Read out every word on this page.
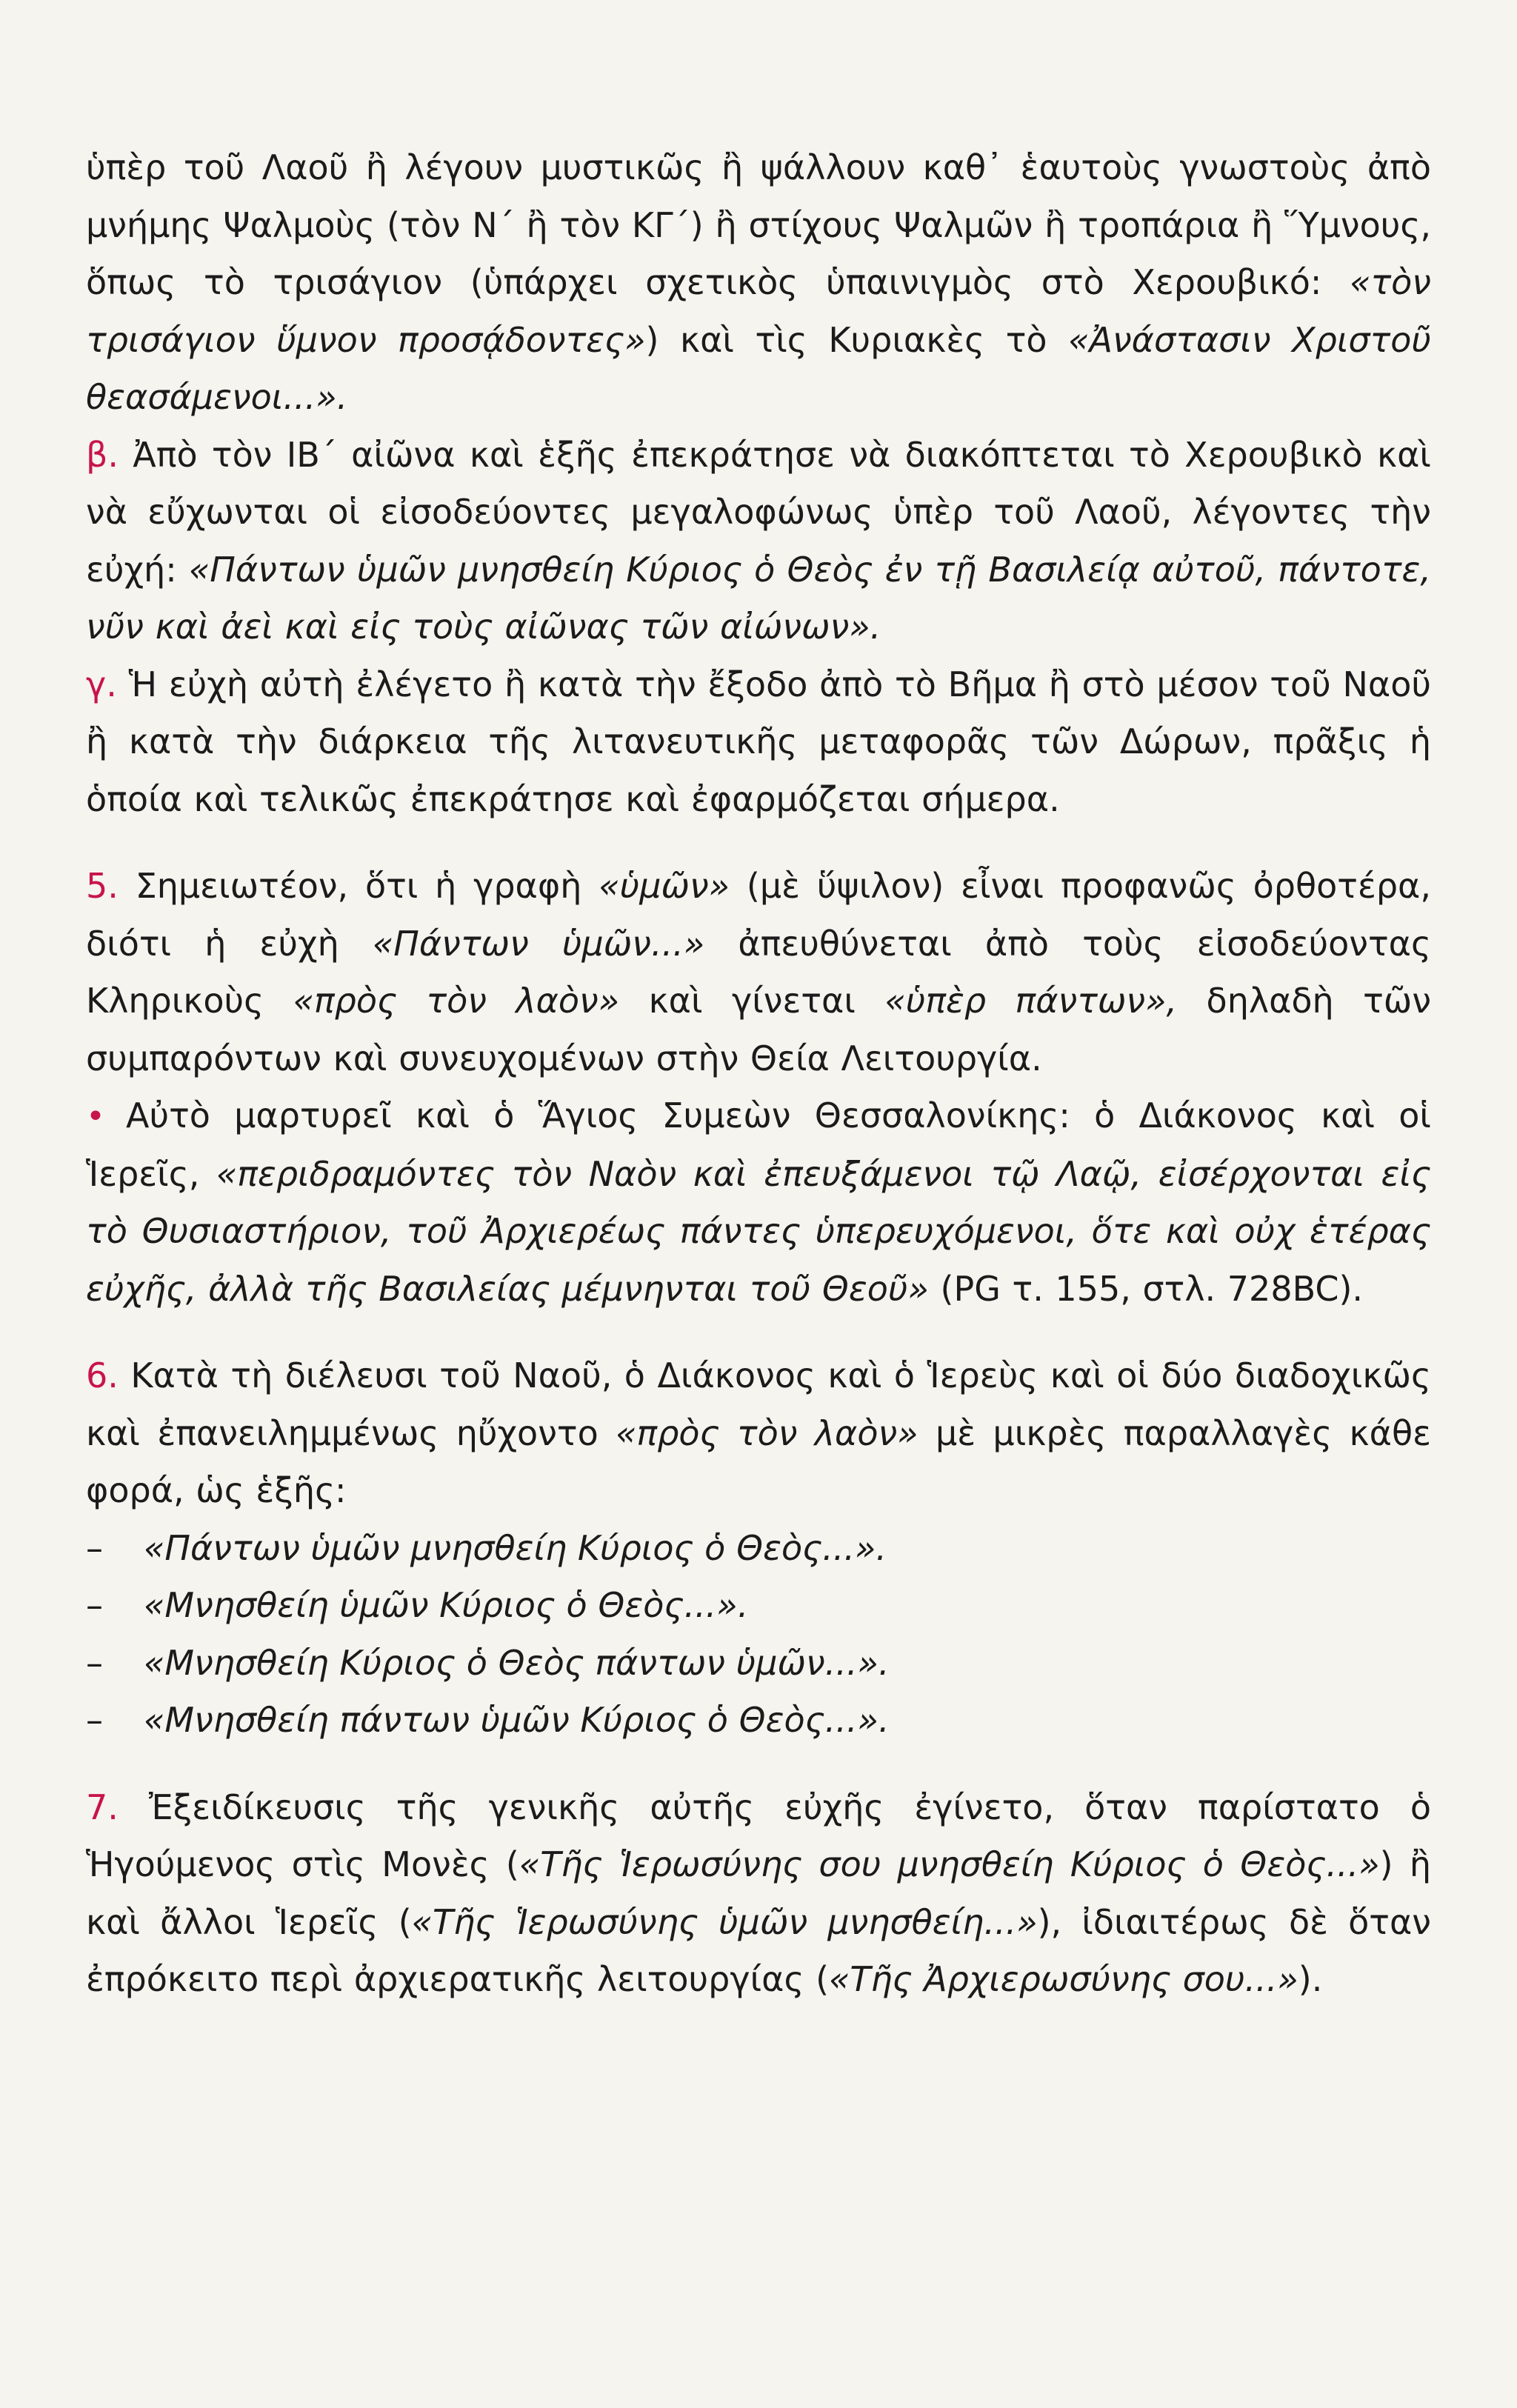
ὑπὲρ τοῦ Λαοῦ ἢ λέγουν μυστικῶς ἢ ψάλλουν καθ᾽ ἑαυτοὺς γνωστοὺς ἀπὸ μνήμης Ψαλμοὺς (τὸν Ν΄ ἢ τὸν ΚΓ΄) ἢ στίχους Ψαλμῶν ἢ τροπάρια ἢ Ὕμνους, ὅπως τὸ τρισάγιον (ὑπάρχει σχετικὸς ὑπαινιγμὸς στὸ Χερουβικό: «τὸν τρισάγιον ὕμνον προσᾴδοντες») καὶ τὶς Κυριακὲς τὸ «Ἀνάστασιν Χριστοῦ θεασάμενοι...».

β. Ἀπὸ τὸν ΙΒ΄ αἰῶνα καὶ ἑξῆς ἐπεκράτησε νὰ διακόπτεται τὸ Χερουβικὸ καὶ νὰ εὔχωνται οἱ εἰσοδεύοντες μεγαλοφώνως ὑπὲρ τοῦ Λαοῦ, λέγοντες τὴν εὐχή: «Πάντων ὑμῶν μνησθείη Κύριος ὁ Θεὸς ἐν τῇ Βασιλείᾳ αὐτοῦ, πάντοτε, νῦν καὶ ἀεὶ καὶ εἰς τοὺς αἰῶνας τῶν αἰώνων».

γ. Ἡ εὐχὴ αὐτὴ ἐλέγετο ἢ κατὰ τὴν ἔξοδο ἀπὸ τὸ Βῆμα ἢ στὸ μέσον τοῦ Ναοῦ ἢ κατὰ τὴν διάρκεια τῆς λιτανευτικῆς μεταφορᾶς τῶν Δώρων, πρᾶξις ἡ ὁποία καὶ τελικῶς ἐπεκράτησε καὶ ἐφαρμόζεται σήμερα.

5. Σημειωτέον, ὅτι ἡ γραφὴ «ὑμῶν» (μὲ ὕψιλον) εἶναι προφανῶς ὀρθοτέρα, διότι ἡ εὐχὴ «Πάντων ὑμῶν...» ἀπευθύνεται ἀπὸ τοὺς εἰσοδεύοντας Κληρικοὺς «πρὸς τὸν λαὸν» καὶ γίνεται «ὑπὲρ πάντων», δηλαδὴ τῶν συμπαρόντων καὶ συνευχομένων στὴν Θεία Λειτουργία.

• Αὐτὸ μαρτυρεῖ καὶ ὁ Ἅγιος Συμεὼν Θεσσαλονίκης: ὁ Διάκονος καὶ οἱ Ἱερεῖς, «περιδραμόντες τὸν Ναὸν καὶ ἐπευξάμενοι τῷ Λαῷ, εἰσέρχονται εἰς τὸ Θυσιαστήριον, τοῦ Ἀρχιερέως πάντες ὑπερευχόμενοι, ὅτε καὶ οὐχ ἑτέρας εὐχῆς, ἀλλὰ τῆς Βασιλείας μέμνηνται τοῦ Θεοῦ» (PG τ. 155, στλ. 728BC).

6. Κατὰ τὴ διέλευσι τοῦ Ναοῦ, ὁ Διάκονος καὶ ὁ Ἱερεὺς καὶ οἱ δύο διαδοχικῶς καὶ ἐπανειλημμένως ηὔχοντο «πρὸς τὸν λαὸν» μὲ μικρὲς παραλλαγὲς κάθε φορά, ὡς ἑξῆς:

– «Πάντων ὑμῶν μνησθείη Κύριος ὁ Θεὸς...».
– «Μνησθείη ὑμῶν Κύριος ὁ Θεὸς...».
– «Μνησθείη Κύριος ὁ Θεὸς πάντων ὑμῶν...».
– «Μνησθείη πάντων ὑμῶν Κύριος ὁ Θεὸς...».

7. Ἐξειδίκευσις τῆς γενικῆς αὐτῆς εὐχῆς ἐγίνετο, ὅταν παρίστατο ὁ Ἡγούμενος στὶς Μονὲς («Τῆς Ἱερωσύνης σου μνησθείη Κύριος ὁ Θεὸς...») ἢ καὶ ἄλλοι Ἱερεῖς («Τῆς Ἱερωσύνης ὑμῶν μνησθείη...»), ἰδιαιτέρως δὲ ὅταν ἐπρόκειτο περὶ ἀρχιερατικῆς λειτουργίας («Τῆς Ἀρχιερωσύνης σου...»).
